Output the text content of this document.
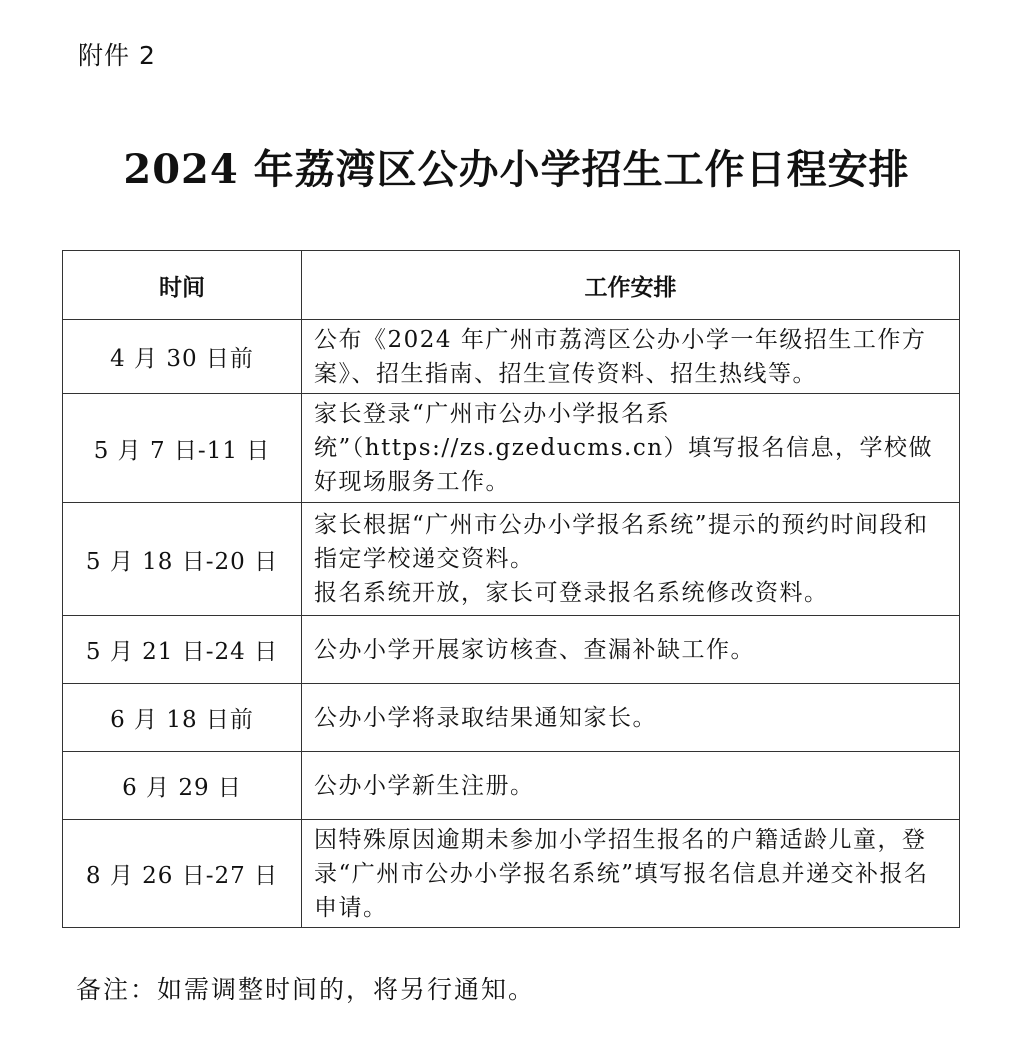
附件 2
2024 年荔湾区公办小学招生工作日程安排
时间	工作安排
4 月 30 日前	公布《2024 年广州市荔湾区公办小学一年级招生工作方案》、招生指南、招生宣传资料、招生热线等。

5 月 7 日-11 日	家长登录“广州市公办小学报名系统”（https://zs.gzeducms.cn）填写报名信息，学校做好现场服务工作。

5 月 18 日-20 日	家长根据“广州市公办小学报名系统”提示的预约时间段和指定学校递交资料。
报名系统开放，家长可登录报名系统修改资料。

5 月 21 日-24 日	公办小学开展家访核查、查漏补缺工作。

6 月 18 日前	公办小学将录取结果通知家长。

6 月 29 日	公办小学新生注册。

8 月 26 日-27 日	因特殊原因逾期未参加小学招生报名的户籍适龄儿童，登录“广州市公办小学报名系统”填写报名信息并递交补报名申请。
备注：如需调整时间的，将另行通知。
